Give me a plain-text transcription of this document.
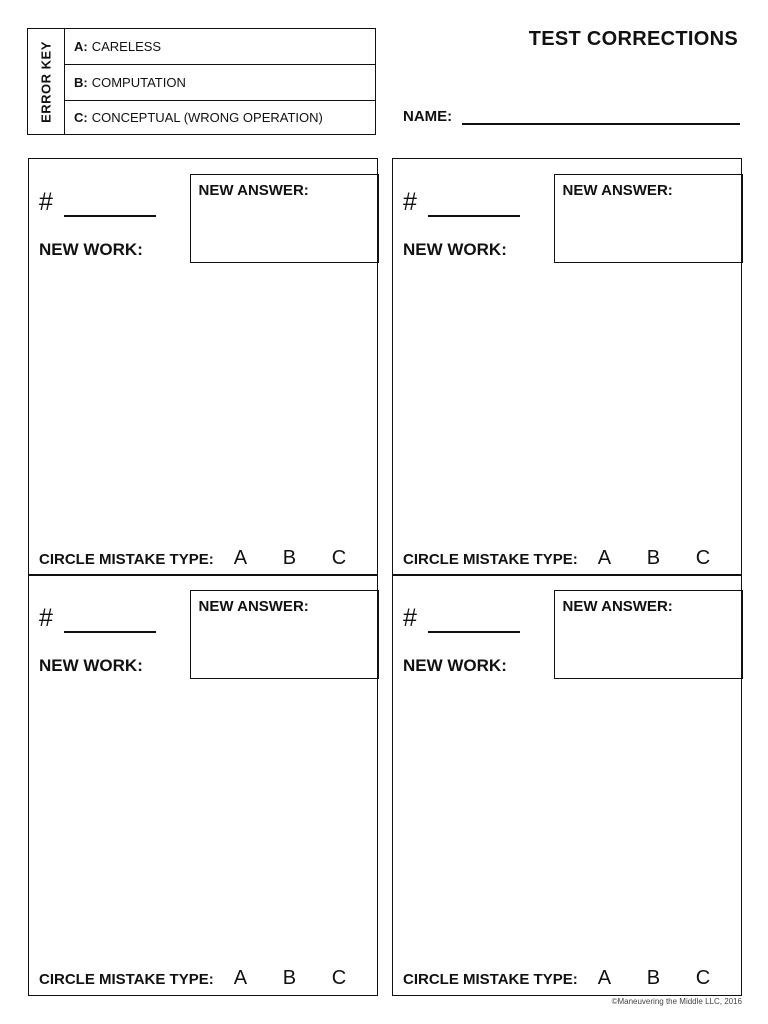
ERROR KEY A: CARELESS
B: COMPUTATION
C: CONCEPTUAL (WRONG OPERATION)
TEST CORRECTIONS
NAME:
#
NEW WORK:
NEW ANSWER:
CIRCLE MISTAKE TYPE: A	B	C
#
NEW WORK:
NEW ANSWER:
CIRCLE MISTAKE TYPE: A	B	C
#
NEW WORK:
NEW ANSWER:
CIRCLE MISTAKE TYPE: A	B	C
#
NEW WORK:
NEW ANSWER:
CIRCLE MISTAKE TYPE: A	B	C
©Maneuvering the Middle LLC, 2016
